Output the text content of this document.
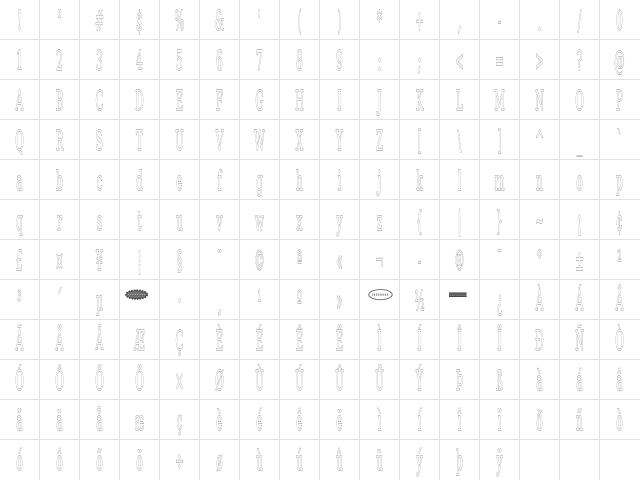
! " # $ % & ' ( ) * + , - . / 0
1 2 3 4 5 6 7 8 9 : ; < = > ? @
A B C D E F G H I J K L M N O P
Q R S T U V W X Y Z [ \ ] ^ _ `
a b c d e f g h i j k l m n o p
q r s t u v w x y z { | } ~ ¡ ¢
£ ¤ ¥ ¦ § ¨ © ª « ¬ - ® ¯ ° ± ²
³ ´ µ	· ¸ ¹ º »	½	¿ À Á Â
Ã Ä Å Æ Ç È É Ê Ë Ì Í Î Ï Ð Ñ Ò
Ó Ô Õ Ö × Ø Ù Ú Û Ü Ý Þ ß à á â
ã ä å æ ç è é ê ë ì í î ï ð ñ ò
ó ô õ ö ÷ ø ù ú û ü ý þ ÿ
